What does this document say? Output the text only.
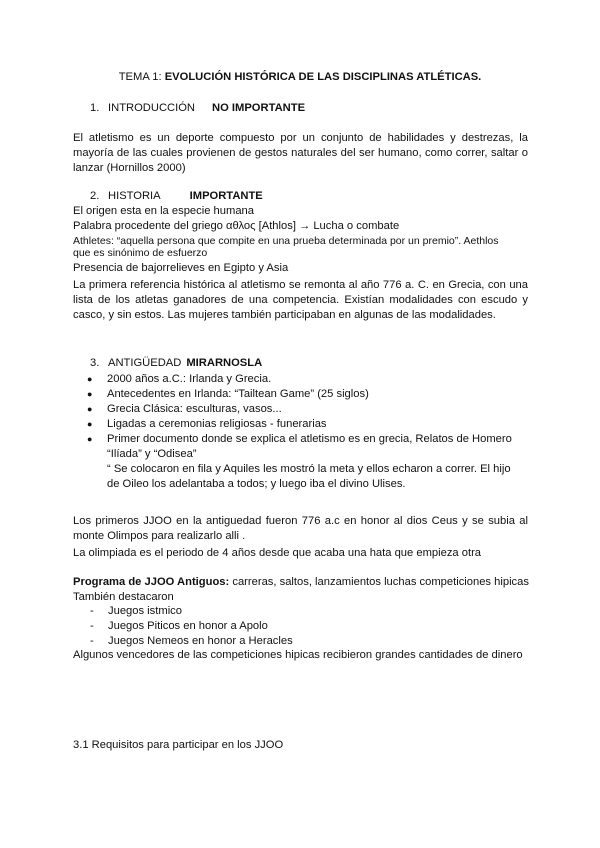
TEMA 1: EVOLUCIÓN HISTÓRICA DE LAS DISCIPLINAS ATLÉTICAS.
1. INTRODUCCIÓN NO IMPORTANTE
El atletismo es un deporte compuesto por un conjunto de habilidades y destrezas, la mayoría de las cuales provienen de gestos naturales del ser humano, como correr, saltar o lanzar (Hornillos 2000)
2. HISTORIA	IMPORTANTE
El origen esta en la especie humana
Palabra procedente del griego αθλος [Athlos] → Lucha o combate
Athletes: “aquella persona que compite en una prueba determinada por un premio”. Aethlos
que es sinónimo de esfuerzo
Presencia de bajorrelieves en Egipto y Asia
La primera referencia histórica al atletismo se remonta al año 776 a. C. en Grecia, con una lista de los atletas ganadores de una competencia. Existían modalidades con escudo y casco, y sin estos. Las mujeres también participaban en algunas de las modalidades.
3. ANTIGÜEDAD MIRARNOSLA
● 2000 años a.C.: Irlanda y Grecia.
● Antecedentes en Irlanda: “Tailtean Game” (25 siglos)
● Grecia Clásica: esculturas, vasos...
● Ligadas a ceremonias religiosas - funerarias
● Primer documento donde se explica el atletismo es en grecia, Relatos de Homero “Ilíada” y “Odisea”
“ Se colocaron en fila y Aquiles les mostró la meta y ellos echaron a correr. El hijo de Oileo los adelantaba a todos; y luego iba el divino Ulises.
Los primeros JJOO en la antiguedad fueron 776 a.c en honor al dios Ceus y se subia al monte Olimpos para realizarlo alli .
La olimpiada es el periodo de 4 años desde que acaba una hata que empieza otra
Programa de JJOO Antiguos: carreras, saltos, lanzamientos luchas competiciones hipicas
También destacaron
- Juegos istmico
- Juegos Piticos en honor a Apolo
- Juegos Nemeos en honor a Heracles
Algunos vencedores de las competiciones hipicas recibieron grandes cantidades de dinero
3.1 Requisitos para participar en los JJOO
